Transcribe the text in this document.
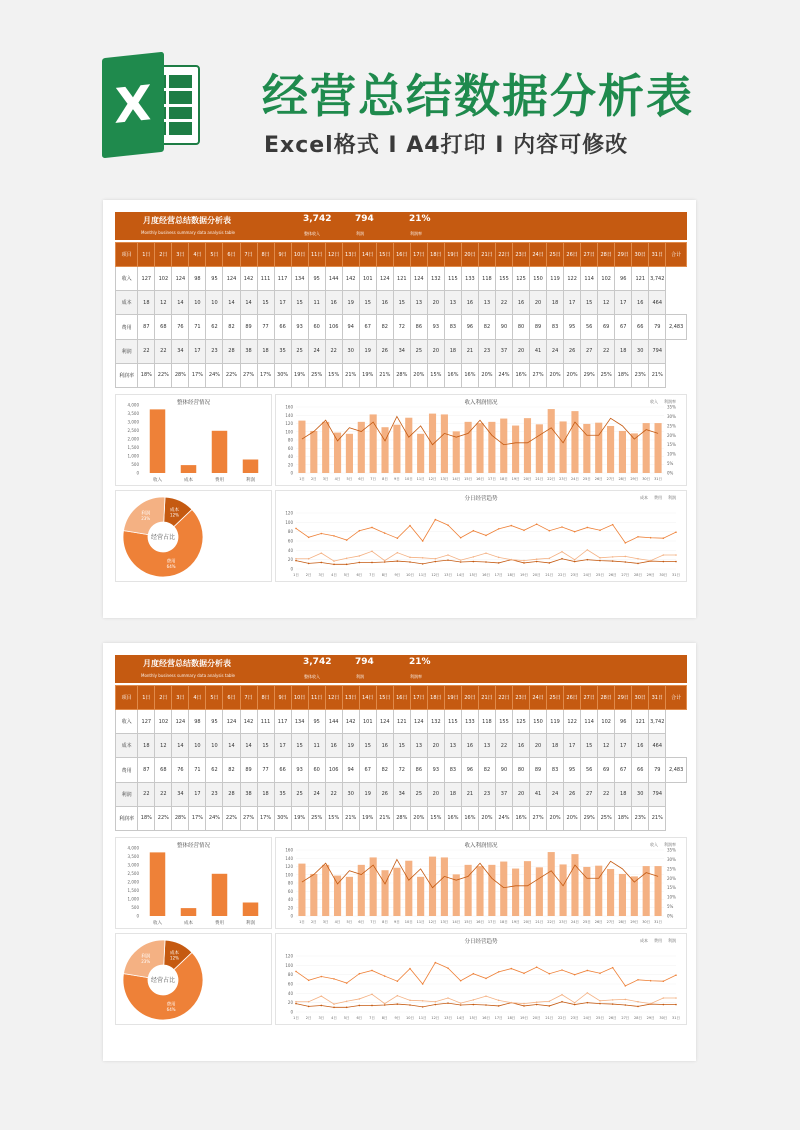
X 经营总结数据分析表
Excel格式 I A4打印 I 内容可修改
月度经营总结数据分析表
Monthly business summary data analysis table
3,742
整体收入
794
利润
21%
利润率
项目	1日	2日	3日	4日	5日	6日	7日	8日	9日	10日	11日	12日	13日	14日	15日	16日	17日	18日	19日	20日	21日	22日	23日	24日	25日	26日	27日	28日	29日	30日	31日	合计
收入	127	102	124	98	95	124	142	111	117	134	95	144	142	101	124	121	124	132	115	133	118	155	125	150	119	122	114	102	96	121	3,742	
成本	18	12	14	10	10	14	14	15	17	15	11	16	19	15	16	15	13	20	13	16	13	22	16	20	18	17	15	12	17	16	464	
费用	87	68	76	71	62	82	89	77	66	93	60	106	94	67	82	72	86	93	83	96	82	90	80	89	83	95	56	69	67	66	79	2,483
利润	22	22	34	17	23	28	38	18	35	25	24	22	30	19	26	34	25	20	18	21	23	37	20	41	24	26	27	22	18	30	794	
利润率	18%	22%	28%	17%	24%	22%	27%	17%	30%	19%	25%	15%	21%	19%	21%	28%	20%	15%	16%	16%	20%	24%	16%	27%	20%	20%	29%	25%	18%	23%	21%	
整体经营情况
4,000
3,500
3,000
2,500
2,000
1,500
1,000
500
0
收入	成本	费用	利润
收入利润情况	收入 利润率
160
140
120
100
80
60
40
20
0
35%
30%
25%
20%
15%
10%
5%
0%
1日 2日 3日 4日 5日 6日 7日 8日 9日 10日 11日 12日 13日 14日 15日 16日 17日 18日 19日 20日 21日 22日 23日 24日 25日 26日 27日 28日 29日 30日 31日
成本
12%
费用
64%
利润
23%
经营占比
分日经营趋势	成本 费用 利润
120
100
80
60
40
20
0
1日 2日 3日 4日 5日 6日 7日 8日 9日 10日 11日 12日 13日 14日 15日 16日 17日 18日 19日 20日 21日 22日 23日 24日 25日 26日 27日 28日 29日 30日 31日
月度经营总结数据分析表
Monthly business summary data analysis table
3,742
整体收入
794
利润
21%
利润率
项目	1日	2日	3日	4日	5日	6日	7日	8日	9日	10日	11日	12日	13日	14日	15日	16日	17日	18日	19日	20日	21日	22日	23日	24日	25日	26日	27日	28日	29日	30日	31日	合计
收入	127	102	124	98	95	124	142	111	117	134	95	144	142	101	124	121	124	132	115	133	118	155	125	150	119	122	114	102	96	121	3,742	
成本	18	12	14	10	10	14	14	15	17	15	11	16	19	15	16	15	13	20	13	16	13	22	16	20	18	17	15	12	17	16	464	
费用	87	68	76	71	62	82	89	77	66	93	60	106	94	67	82	72	86	93	83	96	82	90	80	89	83	95	56	69	67	66	79	2,483
利润	22	22	34	17	23	28	38	18	35	25	24	22	30	19	26	34	25	20	18	21	23	37	20	41	24	26	27	22	18	30	794	
利润率	18%	22%	28%	17%	24%	22%	27%	17%	30%	19%	25%	15%	21%	19%	21%	28%	20%	15%	16%	16%	20%	24%	16%	27%	20%	20%	29%	25%	18%	23%	21%	
整体经营情况
4,000
3,500
3,000
2,500
2,000
1,500
1,000
500
0
收入	成本	费用	利润
收入利润情况	收入 利润率
160
140
120
100
80
60
40
20
0
35%
30%
25%
20%
15%
10%
5%
0%
1日 2日 3日 4日 5日 6日 7日 8日 9日 10日 11日 12日 13日 14日 15日 16日 17日 18日 19日 20日 21日 22日 23日 24日 25日 26日 27日 28日 29日 30日 31日
成本
12%
费用
64%
利润
23%
经营占比
分日经营趋势	成本 费用 利润
120
100
80
60
40
20
0
1日 2日 3日 4日 5日 6日 7日 8日 9日 10日 11日 12日 13日 14日 15日 16日 17日 18日 19日 20日 21日 22日 23日 24日 25日 26日 27日 28日 29日 30日 31日
